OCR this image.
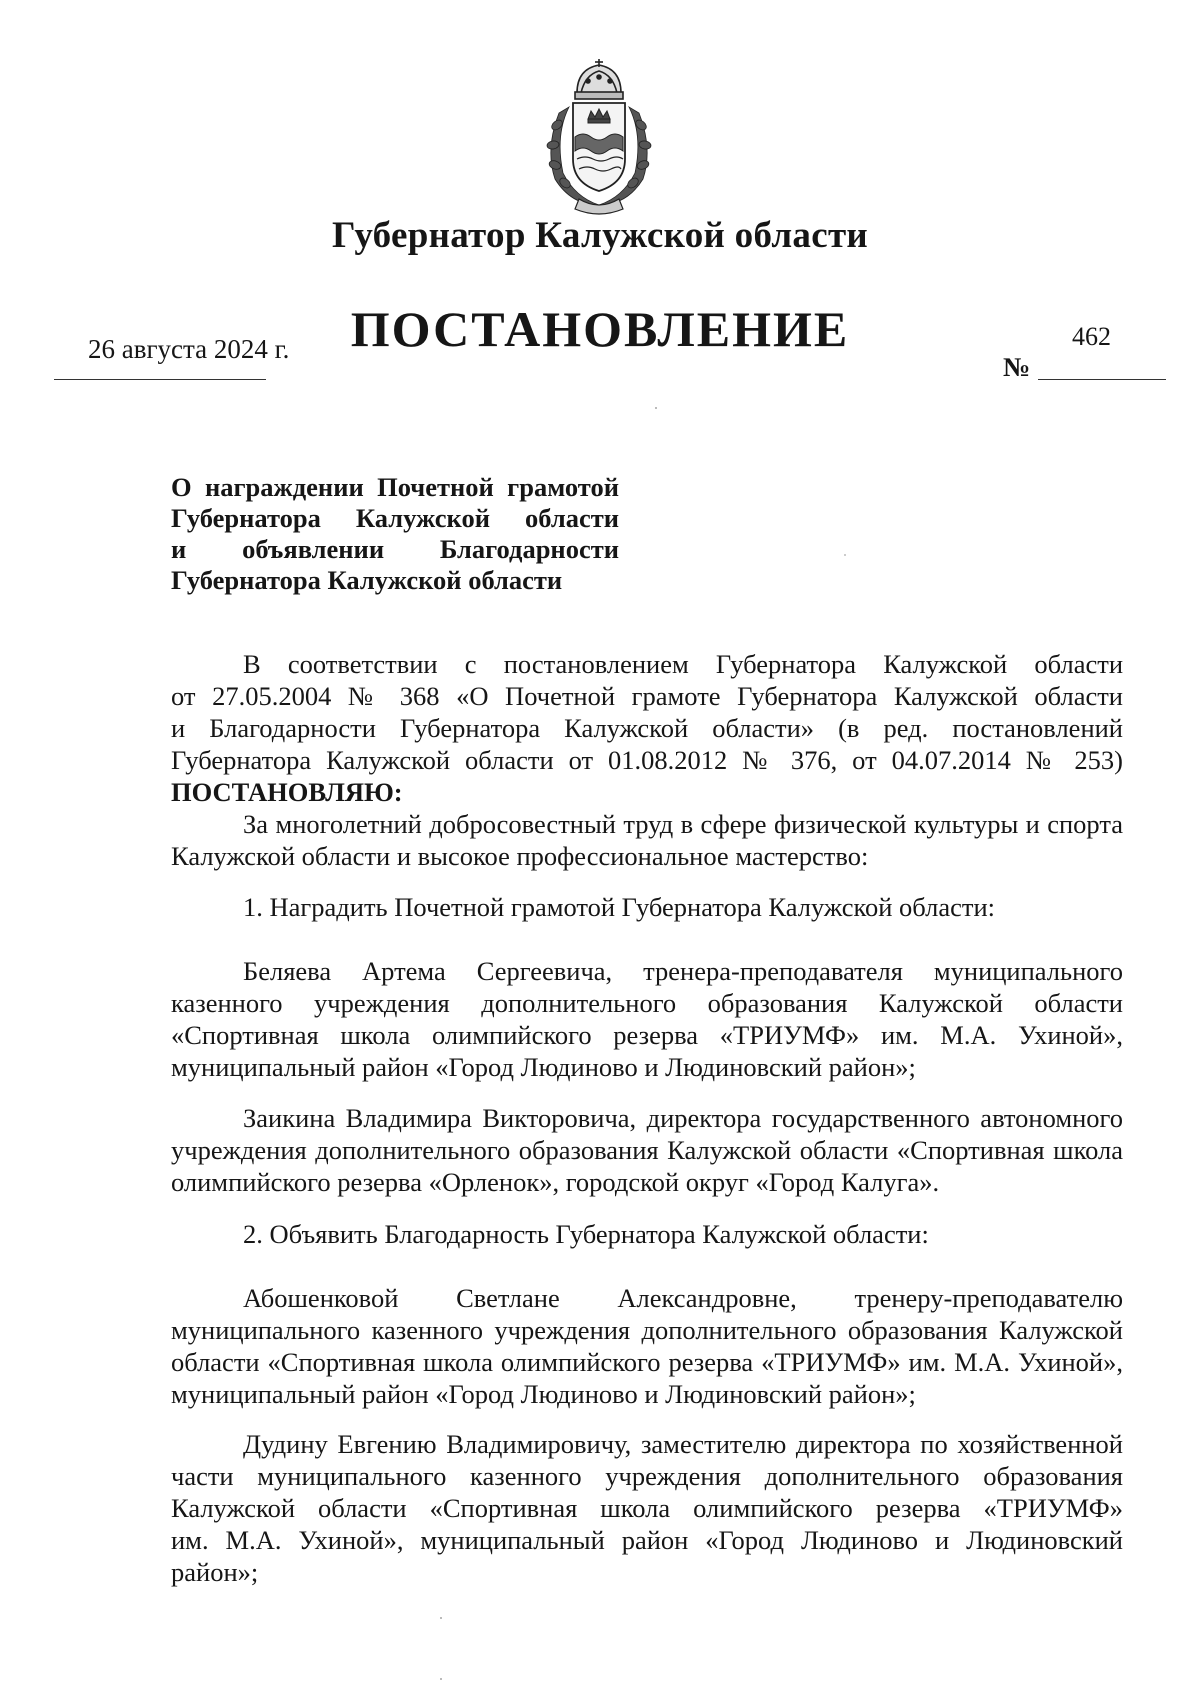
Губернатор Калужской области
ПОСТАНОВЛЕНИЕ
26 августа 2024 г.	462
№
О награждении Почетной грамотой
Губернатора Калужской области
и объявлении Благодарности
Губернатора Калужской области
В соответствии с постановлением Губернатора Калужской области
от 27.05.2004 № 368 «О Почетной грамоте Губернатора Калужской области
и Благодарности Губернатора Калужской области» (в ред. постановлений
Губернатора Калужской области от 01.08.2012 № 376, от 04.07.2014 № 253)
ПОСТАНОВЛЯЮ:
За многолетний добросовестный труд в сфере физической культуры и спорта
Калужской области и высокое профессиональное мастерство:
1. Наградить Почетной грамотой Губернатора Калужской области:
Беляева Артема Сергеевича, тренера-преподавателя муниципального
казенного учреждения дополнительного образования Калужской области
«Спортивная школа олимпийского резерва «ТРИУМФ» им. М.А. Ухиной»,
муниципальный район «Город Людиново и Людиновский район»;
Заикина Владимира Викторовича, директора государственного автономного
учреждения дополнительного образования Калужской области «Спортивная школа
олимпийского резерва «Орленок», городской округ «Город Калуга».
2. Объявить Благодарность Губернатора Калужской области:
Абошенковой Светлане Александровне, тренеру-преподавателю
муниципального казенного учреждения дополнительного образования Калужской
области «Спортивная школа олимпийского резерва «ТРИУМФ» им. М.А. Ухиной»,
муниципальный район «Город Людиново и Людиновский район»;
Дудину Евгению Владимировичу, заместителю директора по хозяйственной
части муниципального казенного учреждения дополнительного образования
Калужской области «Спортивная школа олимпийского резерва «ТРИУМФ»
им. М.А. Ухиной», муниципальный район «Город Людиново и Людиновский
район»;
